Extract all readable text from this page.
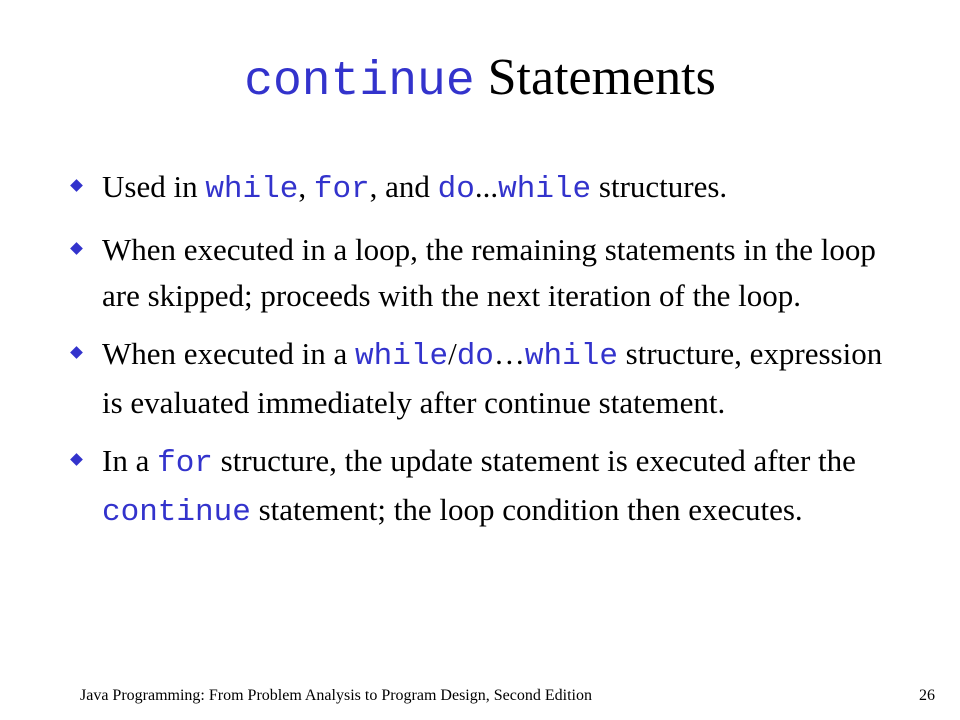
continue Statements
Used in while, for, and do...while structures.
When executed in a loop, the remaining statements in the loop are skipped; proceeds with the next iteration of the loop.
When executed in a while/do…while structure, expression is evaluated immediately after continue statement.
In a for structure, the update statement is executed after the continue statement; the loop condition then executes.
Java Programming: From Problem Analysis to Program Design, Second Edition	26
